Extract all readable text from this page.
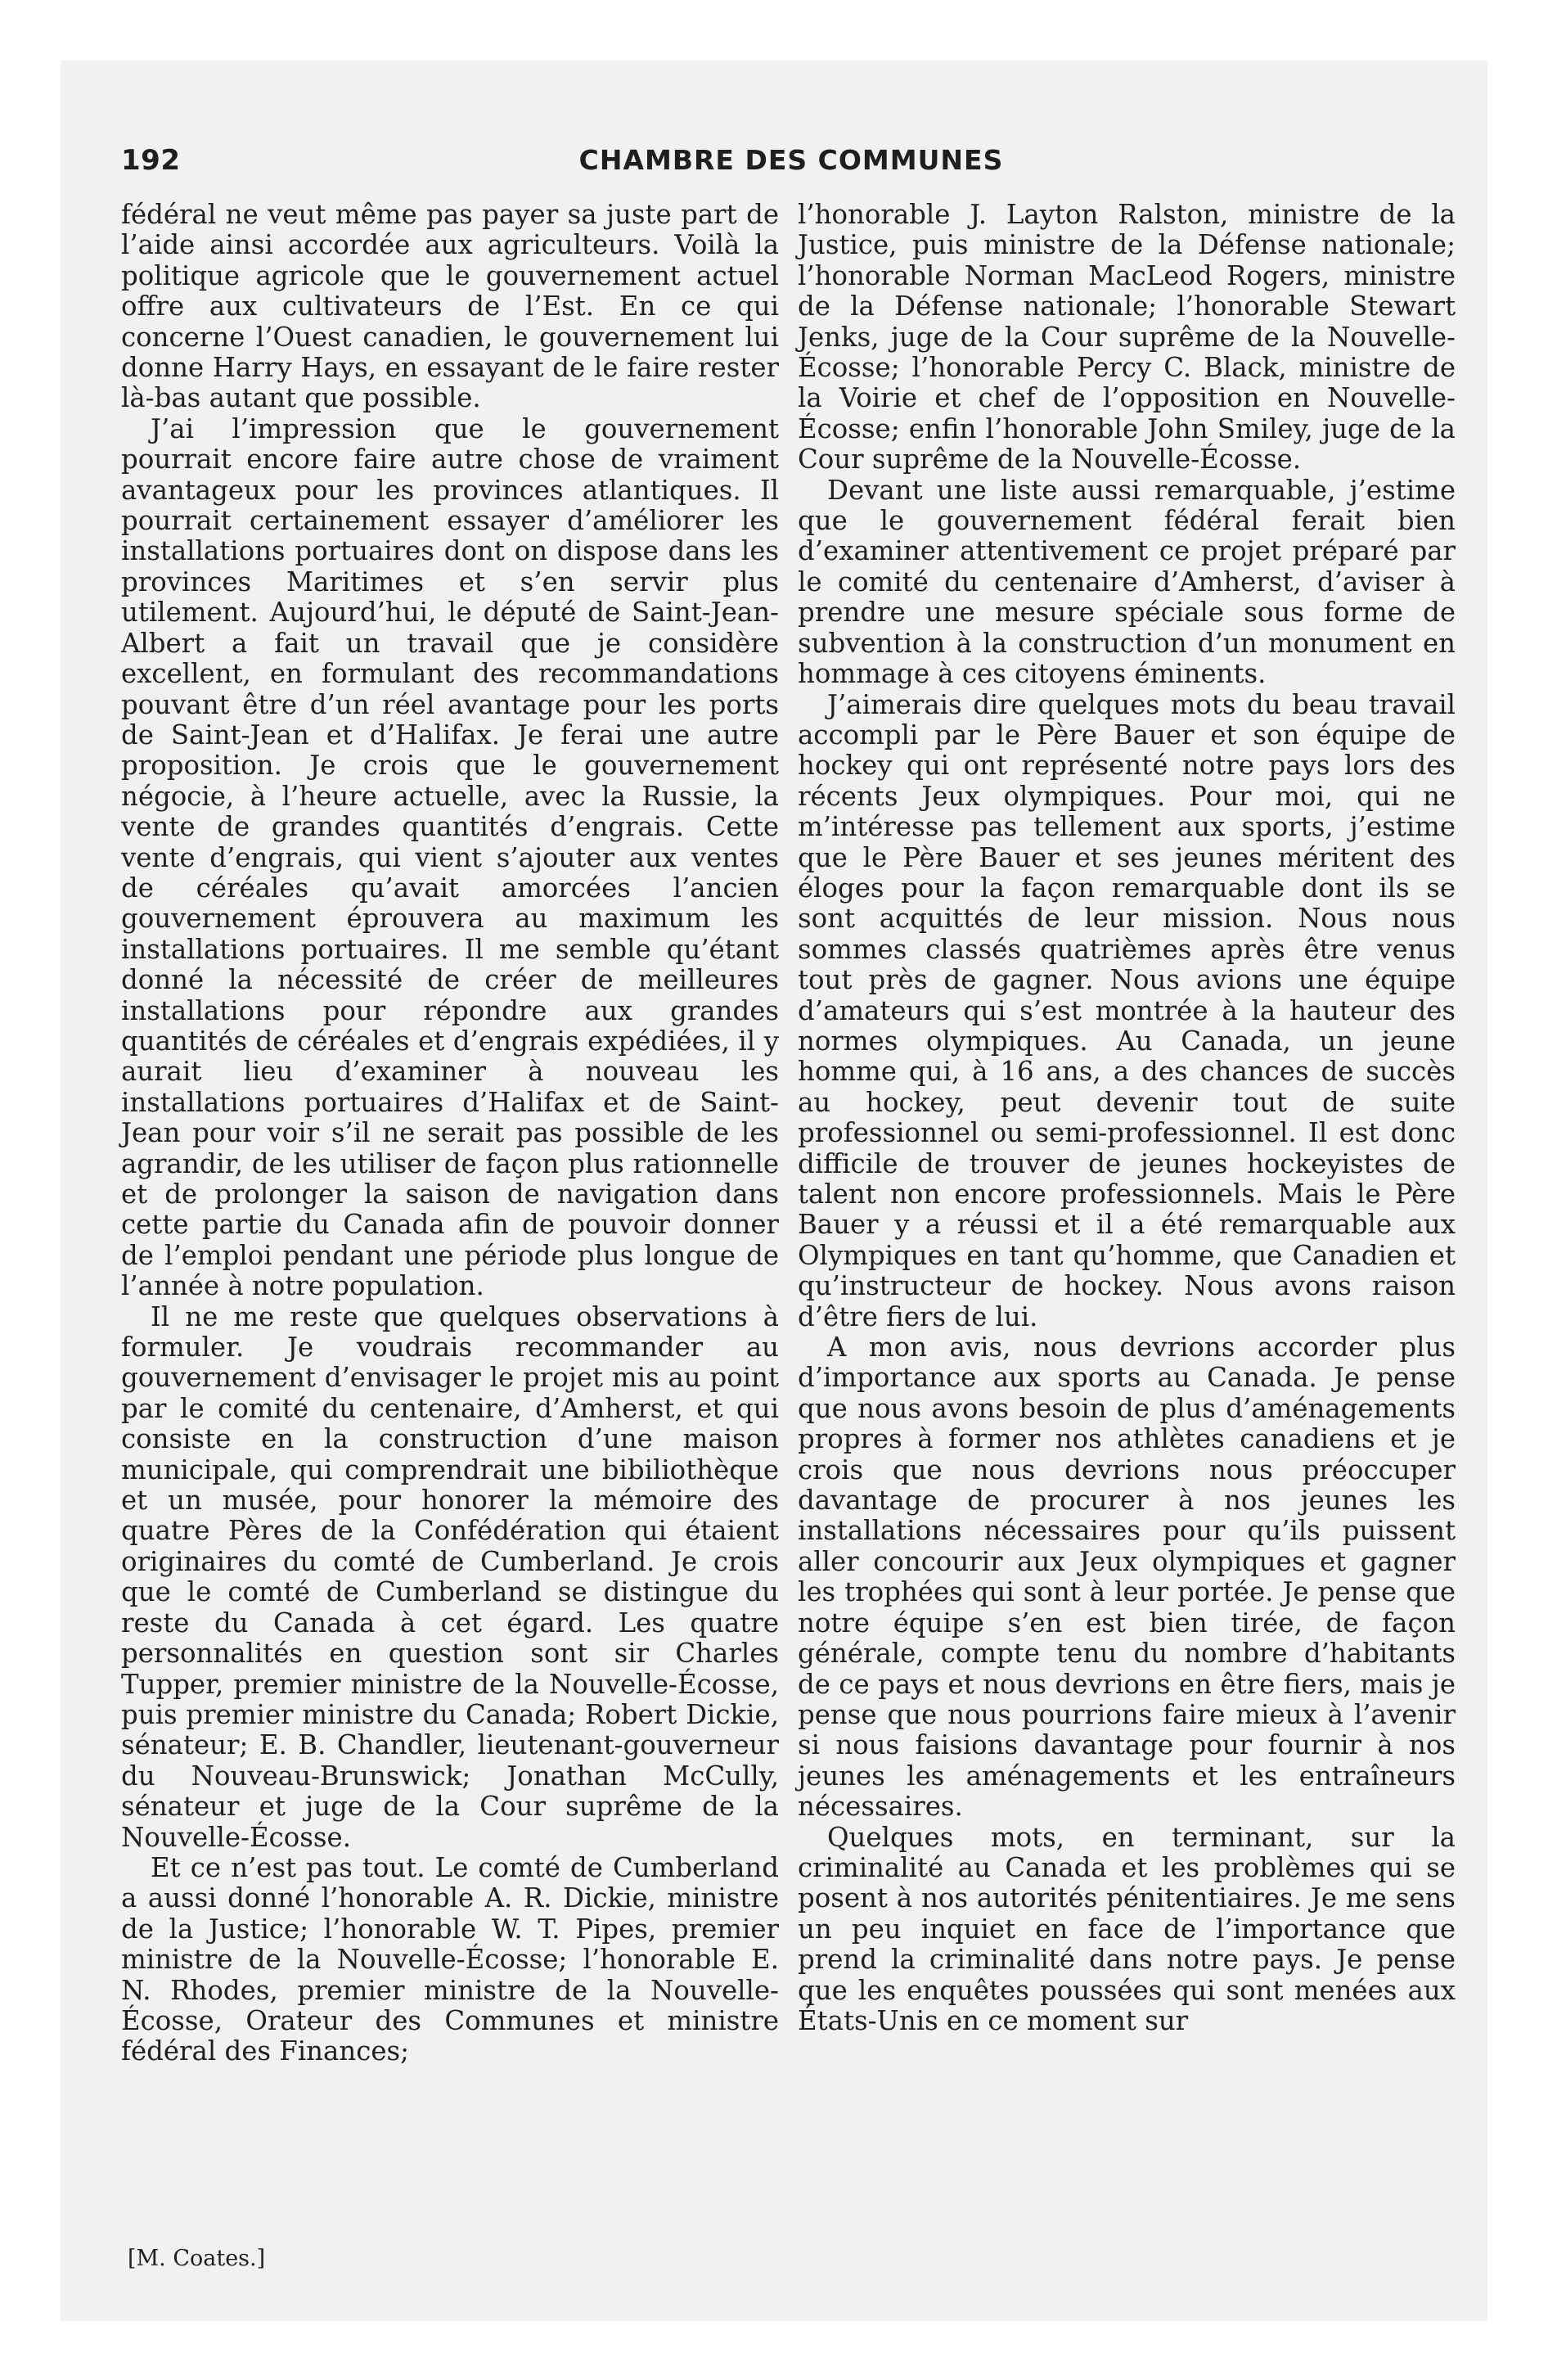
192	CHAMBRE DES COMMUNES

fédéral ne veut même pas payer sa juste part de l’aide ainsi accordée aux agriculteurs. Voilà la politique agricole que le gouvernement actuel offre aux cultivateurs de l’Est. En ce qui concerne l’Ouest canadien, le gouvernement lui donne Harry Hays, en essayant de le faire rester là-bas autant que possible.

J’ai l’impression que le gouvernement pourrait encore faire autre chose de vraiment avantageux pour les provinces atlantiques. Il pourrait certainement essayer d’améliorer les installations portuaires dont on dispose dans les provinces Maritimes et s’en servir plus utilement. Aujourd’hui, le député de Saint-Jean-Albert a fait un travail que je considère excellent, en formulant des recommandations pouvant être d’un réel avantage pour les ports de Saint-Jean et d’Halifax. Je ferai une autre proposition. Je crois que le gouvernement négocie, à l’heure actuelle, avec la Russie, la vente de grandes quantités d’engrais. Cette vente d’engrais, qui vient s’ajouter aux ventes de céréales qu’avait amorcées l’ancien gouvernement éprouvera au maximum les installations portuaires. Il me semble qu’étant donné la nécessité de créer de meilleures installations pour répondre aux grandes quantités de céréales et d’engrais expédiées, il y aurait lieu d’examiner à nouveau les installations portuaires d’Halifax et de Saint-Jean pour voir s’il ne serait pas possible de les agrandir, de les utiliser de façon plus rationnelle et de prolonger la saison de navigation dans cette partie du Canada afin de pouvoir donner de l’emploi pendant une période plus longue de l’année à notre population.

Il ne me reste que quelques observations à formuler. Je voudrais recommander au gouvernement d’envisager le projet mis au point par le comité du centenaire, d’Amherst, et qui consiste en la construction d’une maison municipale, qui comprendrait une bibiliothèque et un musée, pour honorer la mémoire des quatre Pères de la Confédération qui étaient originaires du comté de Cumberland. Je crois que le comté de Cumberland se distingue du reste du Canada à cet égard. Les quatre personnalités en question sont sir Charles Tupper, premier ministre de la Nouvelle-Écosse, puis premier ministre du Canada; Robert Dickie, sénateur; E. B. Chandler, lieutenant-gouverneur du Nouveau-Brunswick; Jonathan McCully, sénateur et juge de la Cour suprême de la Nouvelle-Écosse.

Et ce n’est pas tout. Le comté de Cumberland a aussi donné l’honorable A. R. Dickie, ministre de la Justice; l’honorable W. T. Pipes, premier ministre de la Nouvelle-Écosse; l’honorable E. N. Rhodes, premier ministre de la Nouvelle-Écosse, Orateur des Communes et ministre fédéral des Finances;

l’honorable J. Layton Ralston, ministre de la Justice, puis ministre de la Défense nationale; l’honorable Norman MacLeod Rogers, ministre de la Défense nationale; l’honorable Stewart Jenks, juge de la Cour suprême de la Nouvelle-Écosse; l’honorable Percy C. Black, ministre de la Voirie et chef de l’opposition en Nouvelle-Écosse; enfin l’honorable John Smiley, juge de la Cour suprême de la Nouvelle-Écosse.

Devant une liste aussi remarquable, j’estime que le gouvernement fédéral ferait bien d’examiner attentivement ce projet préparé par le comité du centenaire d’Amherst, d’aviser à prendre une mesure spéciale sous forme de subvention à la construction d’un monument en hommage à ces citoyens éminents.

J’aimerais dire quelques mots du beau travail accompli par le Père Bauer et son équipe de hockey qui ont représenté notre pays lors des récents Jeux olympiques. Pour moi, qui ne m’intéresse pas tellement aux sports, j’estime que le Père Bauer et ses jeunes méritent des éloges pour la façon remarquable dont ils se sont acquittés de leur mission. Nous nous sommes classés quatrièmes après être venus tout près de gagner. Nous avions une équipe d’amateurs qui s’est montrée à la hauteur des normes olympiques. Au Canada, un jeune homme qui, à 16 ans, a des chances de succès au hockey, peut devenir tout de suite professionnel ou semi-professionnel. Il est donc difficile de trouver de jeunes hockeyistes de talent non encore professionnels. Mais le Père Bauer y a réussi et il a été remarquable aux Olympiques en tant qu’homme, que Canadien et qu’instructeur de hockey. Nous avons raison d’être fiers de lui.

A mon avis, nous devrions accorder plus d’importance aux sports au Canada. Je pense que nous avons besoin de plus d’aménagements propres à former nos athlètes canadiens et je crois que nous devrions nous préoccuper davantage de procurer à nos jeunes les installations nécessaires pour qu’ils puissent aller concourir aux Jeux olympiques et gagner les trophées qui sont à leur portée. Je pense que notre équipe s’en est bien tirée, de façon générale, compte tenu du nombre d’habitants de ce pays et nous devrions en être fiers, mais je pense que nous pourrions faire mieux à l’avenir si nous faisions davantage pour fournir à nos jeunes les aménagements et les entraîneurs nécessaires.

Quelques mots, en terminant, sur la criminalité au Canada et les problèmes qui se posent à nos autorités pénitentiaires. Je me sens un peu inquiet en face de l’importance que prend la criminalité dans notre pays. Je pense que les enquêtes poussées qui sont menées aux États-Unis en ce moment sur

[M. Coates.]
